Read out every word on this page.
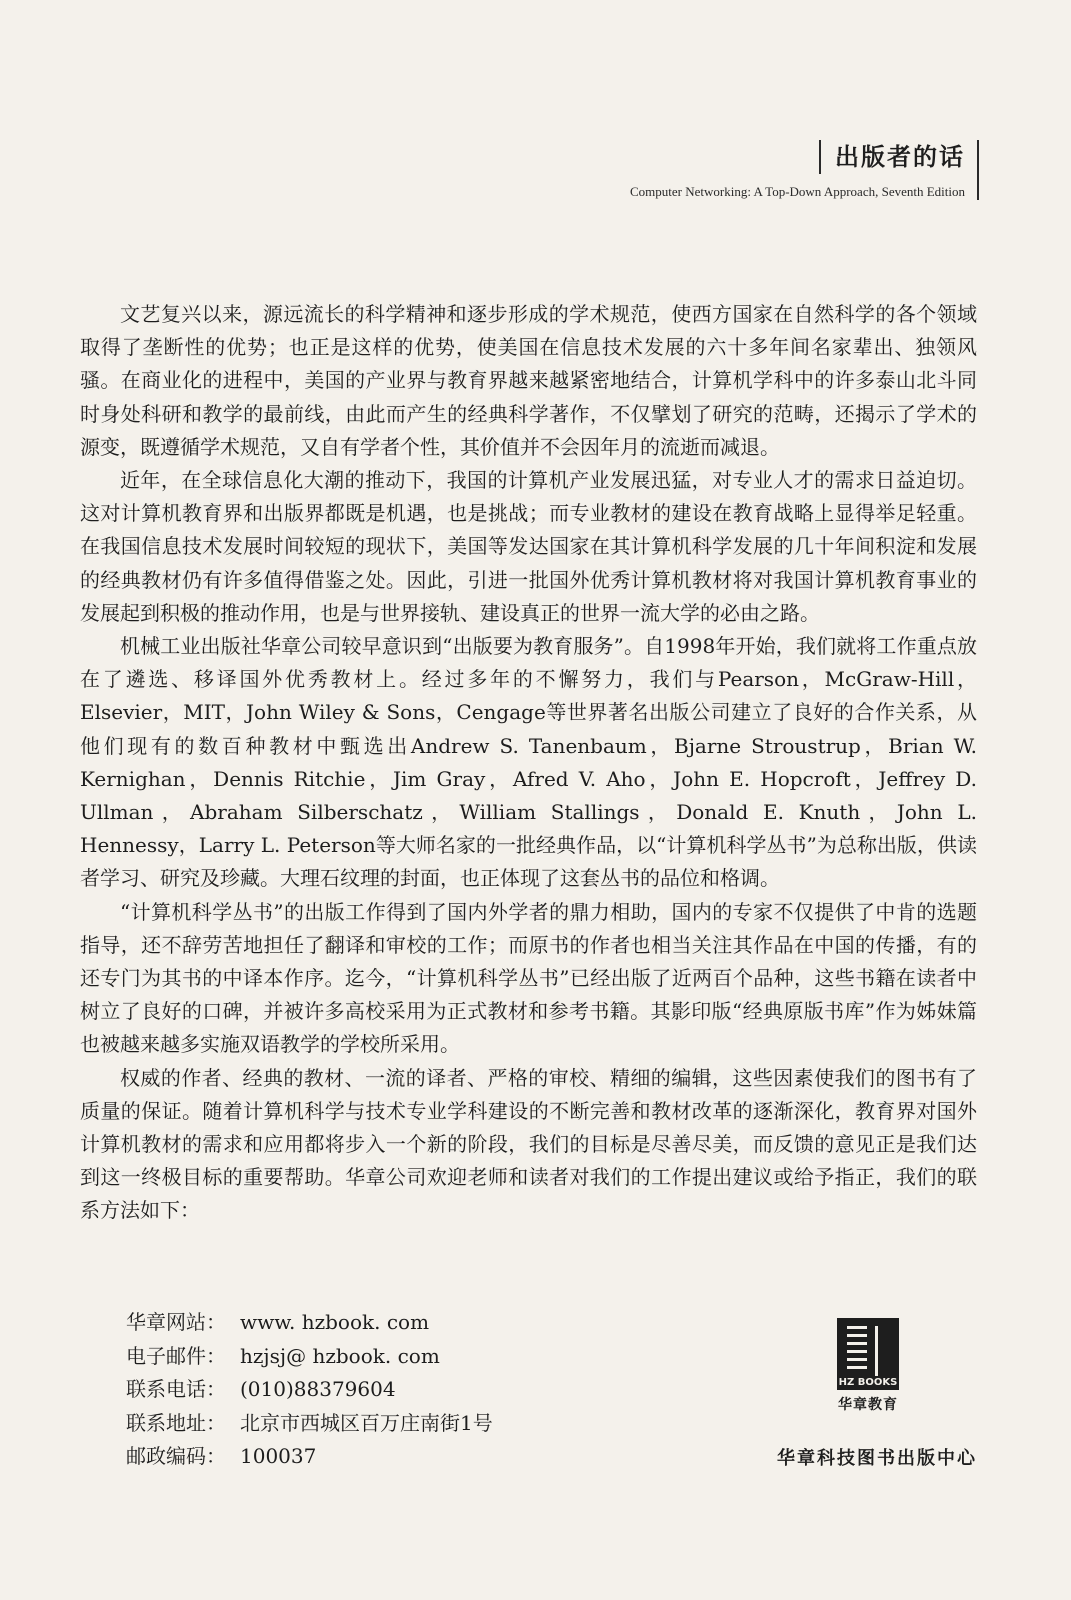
出版者的话
Computer Networking: A Top-Down Approach, Seventh Edition

文艺复兴以来，源远流长的科学精神和逐步形成的学术规范，使西方国家在自然科学的各个领域取得了垄断性的优势；也正是这样的优势，使美国在信息技术发展的六十多年间名家辈出、独领风骚。在商业化的进程中，美国的产业界与教育界越来越紧密地结合，计算机学科中的许多泰山北斗同时身处科研和教学的最前线，由此而产生的经典科学著作，不仅擘划了研究的范畴，还揭示了学术的源变，既遵循学术规范，又自有学者个性，其价值并不会因年月的流逝而减退。

近年，在全球信息化大潮的推动下，我国的计算机产业发展迅猛，对专业人才的需求日益迫切。这对计算机教育界和出版界都既是机遇，也是挑战；而专业教材的建设在教育战略上显得举足轻重。在我国信息技术发展时间较短的现状下，美国等发达国家在其计算机科学发展的几十年间积淀和发展的经典教材仍有许多值得借鉴之处。因此，引进一批国外优秀计算机教材将对我国计算机教育事业的发展起到积极的推动作用，也是与世界接轨、建设真正的世界一流大学的必由之路。

机械工业出版社华章公司较早意识到“出版要为教育服务”。自1998年开始，我们就将工作重点放在了遴选、移译国外优秀教材上。经过多年的不懈努力，我们与Pearson，McGraw-Hill，Elsevier，MIT，John Wiley & Sons，Cengage等世界著名出版公司建立了良好的合作关系，从他们现有的数百种教材中甄选出Andrew S. Tanenbaum，Bjarne Stroustrup，Brian W. Kernighan，Dennis Ritchie，Jim Gray，Afred V. Aho，John E. Hopcroft，Jeffrey D. Ullman，Abraham Silberschatz，William Stallings，Donald E. Knuth，John L. Hennessy，Larry L. Peterson等大师名家的一批经典作品，以“计算机科学丛书”为总称出版，供读者学习、研究及珍藏。大理石纹理的封面，也正体现了这套丛书的品位和格调。

“计算机科学丛书”的出版工作得到了国内外学者的鼎力相助，国内的专家不仅提供了中肯的选题指导，还不辞劳苦地担任了翻译和审校的工作；而原书的作者也相当关注其作品在中国的传播，有的还专门为其书的中译本作序。迄今，“计算机科学丛书”已经出版了近两百个品种，这些书籍在读者中树立了良好的口碑，并被许多高校采用为正式教材和参考书籍。其影印版“经典原版书库”作为姊妹篇也被越来越多实施双语教学的学校所采用。

权威的作者、经典的教材、一流的译者、严格的审校、精细的编辑，这些因素使我们的图书有了质量的保证。随着计算机科学与技术专业学科建设的不断完善和教材改革的逐渐深化，教育界对国外计算机教材的需求和应用都将步入一个新的阶段，我们的目标是尽善尽美，而反馈的意见正是我们达到这一终极目标的重要帮助。华章公司欢迎老师和读者对我们的工作提出建议或给予指正，我们的联系方法如下：

华章网站： www. hzbook. com
电子邮件： hzjsj@ hzbook. com
联系电话： (010)88379604
联系地址： 北京市西城区百万庄南街1号
邮政编码： 100037
HZ BOOKS
华章教育
华章科技图书出版中心
